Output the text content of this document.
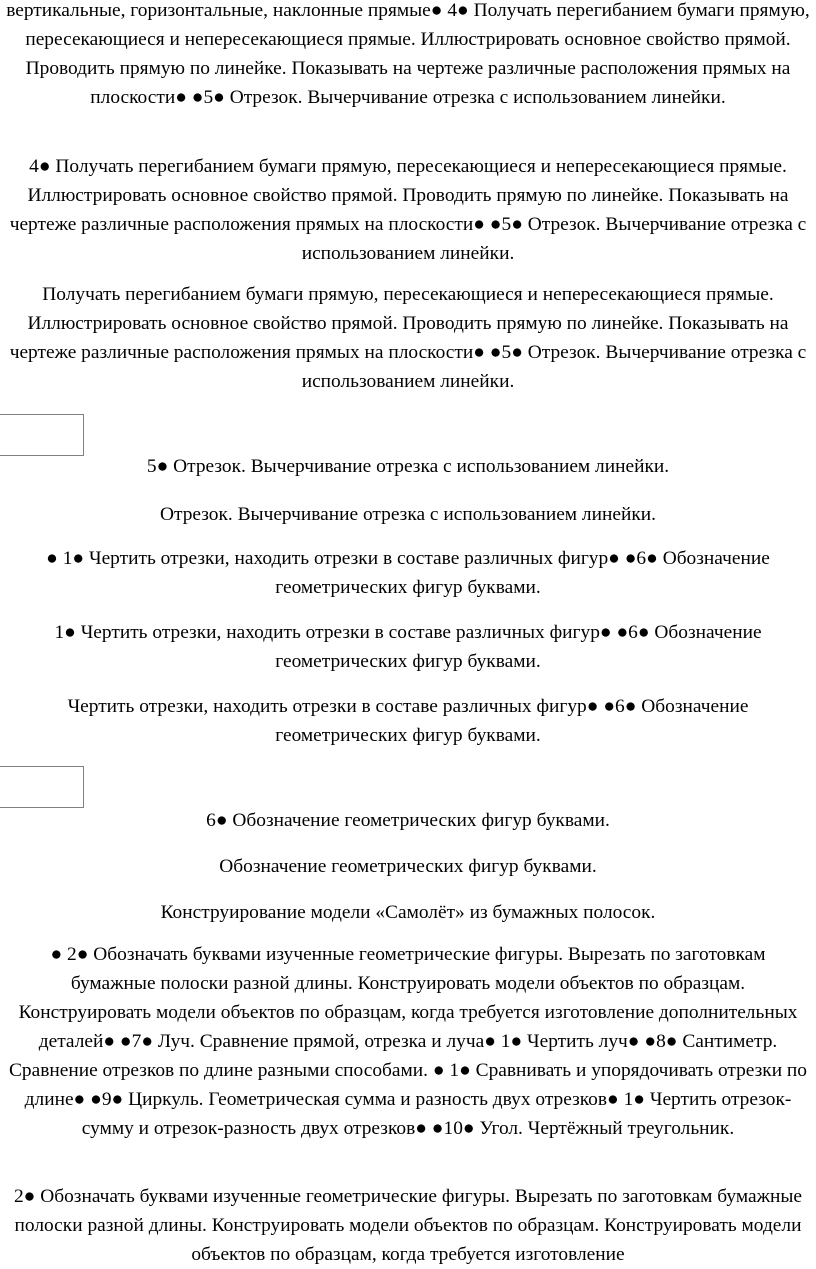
вертикальные, горизонтальные, наклонные прямые● 4● Получать перегибанием бумаги прямую, пересекающиеся и непересекающиеся прямые. Иллюстрировать основное свойство прямой. Проводить прямую по линейке. Показывать на чертеже различные расположения прямых на плоскости● ●5● Отрезок. Вычерчивание отрезка с использованием линейки.

4● Получать перегибанием бумаги прямую, пересекающиеся и непересекающиеся прямые. Иллюстрировать основное свойство прямой. Проводить прямую по линейке. Показывать на чертеже различные расположения прямых на плоскости● ●5● Отрезок. Вычерчивание отрезка с использованием линейки.

Получать перегибанием бумаги прямую, пересекающиеся и непересекающиеся прямые. Иллюстрировать основное свойство прямой. Проводить прямую по линейке. Показывать на чертеже различные расположения прямых на плоскости● ●5● Отрезок. Вычерчивание отрезка с использованием линейки.

5● Отрезок. Вычерчивание отрезка с использованием линейки.

Отрезок. Вычерчивание отрезка с использованием линейки.

● 1● Чертить отрезки, находить отрезки в составе различных фигур● ●6● Обозначение геометрических фигур буквами.

1● Чертить отрезки, находить отрезки в составе различных фигур● ●6● Обозначение геометрических фигур буквами.

Чертить отрезки, находить отрезки в составе различных фигур● ●6● Обозначение геометрических фигур буквами.

6● Обозначение геометрических фигур буквами.

Обозначение геометрических фигур буквами.

Конструирование модели «Самолёт» из бумажных полосок.

● 2● Обозначать буквами изученные геометрические фигуры. Вырезать по заготовкам бумажные полоски разной длины. Конструировать модели объектов по образцам. Конструировать модели объектов по образцам, когда требуется изготовление дополнительных деталей● ●7● Луч. Сравнение прямой, отрезка и луча● 1● Чертить луч● ●8● Сантиметр. Сравнение отрезков по длине разными способами. ● 1● Сравнивать и упорядочивать отрезки по длине● ●9● Циркуль. Геометрическая сумма и разность двух отрезков● 1● Чертить отрезок-сумму и отрезок-разность двух отрезков● ●10● Угол. Чертёжный треугольник.

2● Обозначать буквами изученные геометрические фигуры. Вырезать по заготовкам бумажные полоски разной длины. Конструировать модели объектов по образцам. Конструировать модели объектов по образцам, когда требуется изготовление
